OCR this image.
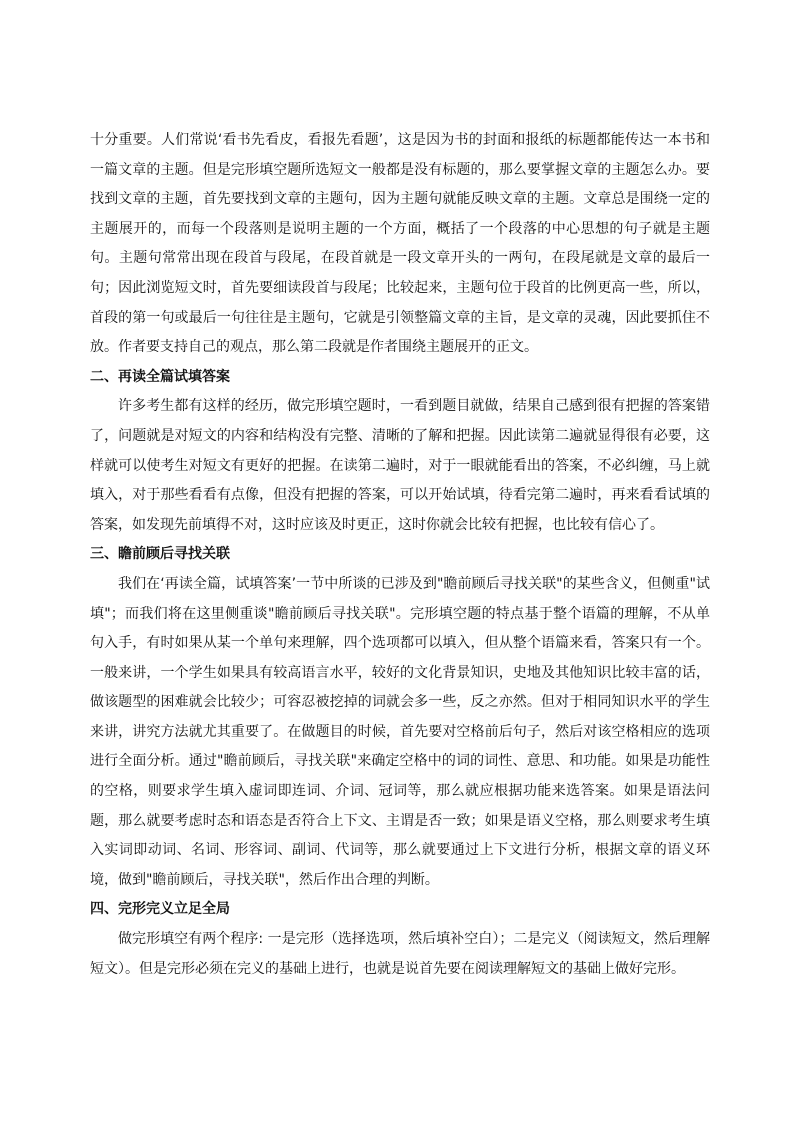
十分重要。人们常说‘看书先看皮，看报先看题’，这是因为书的封面和报纸的标题都能传达一本书和一篇文章的主题。但是完形填空题所选短文一般都是没有标题的，那么要掌握文章的主题怎么办。要找到文章的主题，首先要找到文章的主题句，因为主题句就能反映文章的主题。文章总是围绕一定的主题展开的，而每一个段落则是说明主题的一个方面，概括了一个段落的中心思想的句子就是主题句。主题句常常出现在段首与段尾，在段首就是一段文章开头的一两句，在段尾就是文章的最后一句；因此浏览短文时，首先要细读段首与段尾；比较起来，主题句位于段首的比例更高一些，所以，首段的第一句或最后一句往往是主题句，它就是引领整篇文章的主旨，是文章的灵魂，因此要抓住不放。作者要支持自己的观点，那么第二段就是作者围绕主题展开的正文。

二、再读全篇试填答案

许多考生都有这样的经历，做完形填空题时，一看到题目就做，结果自己感到很有把握的答案错了，问题就是对短文的内容和结构没有完整、清晰的了解和把握。因此读第二遍就显得很有必要，这样就可以使考生对短文有更好的把握。在读第二遍时，对于一眼就能看出的答案，不必纠缠，马上就填入，对于那些看看有点像，但没有把握的答案，可以开始试填，待看完第二遍时，再来看看试填的答案，如发现先前填得不对，这时应该及时更正，这时你就会比较有把握，也比较有信心了。

三、瞻前顾后寻找关联

我们在‘再读全篇，试填答案’一节中所谈的已涉及到"瞻前顾后寻找关联"的某些含义，但侧重"试填"；而我们将在这里侧重谈"瞻前顾后寻找关联"。完形填空题的特点基于整个语篇的理解，不从单句入手，有时如果从某一个单句来理解，四个选项都可以填入，但从整个语篇来看，答案只有一个。一般来讲，一个学生如果具有较高语言水平，较好的文化背景知识，史地及其他知识比较丰富的话，做该题型的困难就会比较少；可容忍被挖掉的词就会多一些，反之亦然。但对于相同知识水平的学生来讲，讲究方法就尤其重要了。在做题目的时候，首先要对空格前后句子，然后对该空格相应的选项进行全面分析。通过"瞻前顾后，寻找关联"来确定空格中的词的词性、意思、和功能。如果是功能性的空格，则要求学生填入虚词即连词、介词、冠词等，那么就应根据功能来选答案。如果是语法问题，那么就要考虑时态和语态是否符合上下文、主谓是否一致；如果是语义空格，那么则要求考生填入实词即动词、名词、形容词、副词、代词等，那么就要通过上下文进行分析，根据文章的语义环境，做到"瞻前顾后，寻找关联"，然后作出合理的判断。

四、完形完义立足全局

做完形填空有两个程序: 一是完形（选择选项，然后填补空白）；二是完义（阅读短文，然后理解短文）。但是完形必须在完义的基础上进行，也就是说首先要在阅读理解短文的基础上做好完形。
